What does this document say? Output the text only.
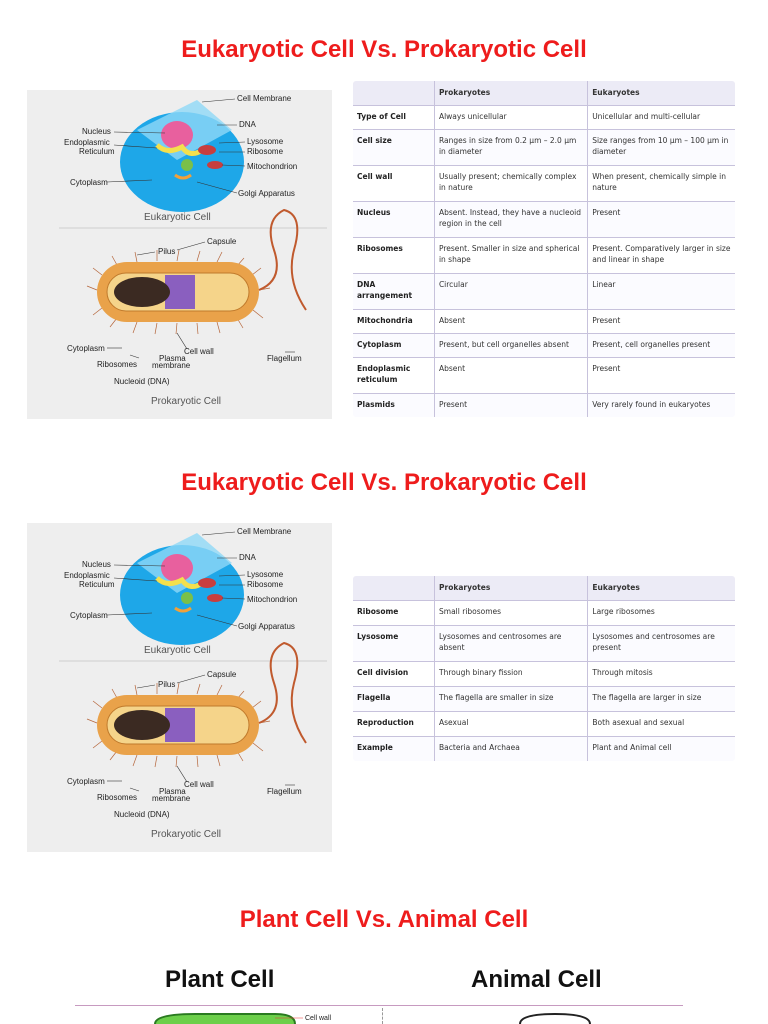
Eukaryotic Cell Vs. Prokaryotic Cell
Cell Membrane
DNA
Nucleus
Endoplasmic
Reticulum
Lysosome
Ribosome
Mitochondrion
Cytoplasm
Golgi Apparatus
Eukaryotic Cell
Capsule
Pilus
Cytoplasm	Cell wall
Flagellum
Ribosomes
Plasma
membrane
Nucleoid (DNA)
Prokaryotic Cell
	Prokaryotes	Eukaryotes
Type of Cell	Always unicellular	Unicellular and multi-cellular
Cell size	Ranges in size from 0.2 μm – 2.0 μm in diameter	Size ranges from 10 μm – 100 μm in diameter
Cell wall	Usually present; chemically complex in nature	When present, chemically simple in nature
Nucleus	Absent. Instead, they have a nucleoid region in the cell	Present
Ribosomes	Present. Smaller in size and spherical in shape	Present. Comparatively larger in size and linear in shape
DNA arrangement	Circular	Linear
Mitochondria	Absent	Present
Cytoplasm	Present, but cell organelles absent	Present, cell organelles present
Endoplasmic reticulum	Absent	Present
Plasmids	Present	Very rarely found in eukaryotes
Eukaryotic Cell Vs. Prokaryotic Cell
Cell Membrane
DNA
Nucleus
Endoplasmic
Reticulum
Lysosome
Ribosome
Mitochondrion
Cytoplasm
Golgi Apparatus
Eukaryotic Cell
Capsule
Pilus
Cytoplasm	Cell wall
Flagellum
Ribosomes
Plasma
membrane
Nucleoid (DNA)
Prokaryotic Cell
	Prokaryotes	Eukaryotes
Ribosome	Small ribosomes	Large ribosomes
Lysosome	Lysosomes and centrosomes are absent	Lysosomes and centrosomes are present
Cell division	Through binary fission	Through mitosis
Flagella	The flagella are smaller in size	The flagella are larger in size
Reproduction	Asexual	Both asexual and sexual
Example	Bacteria and Archaea	Plant and Animal cell
Plant Cell Vs. Animal Cell
Plant Cell	Animal Cell
Cell wall
